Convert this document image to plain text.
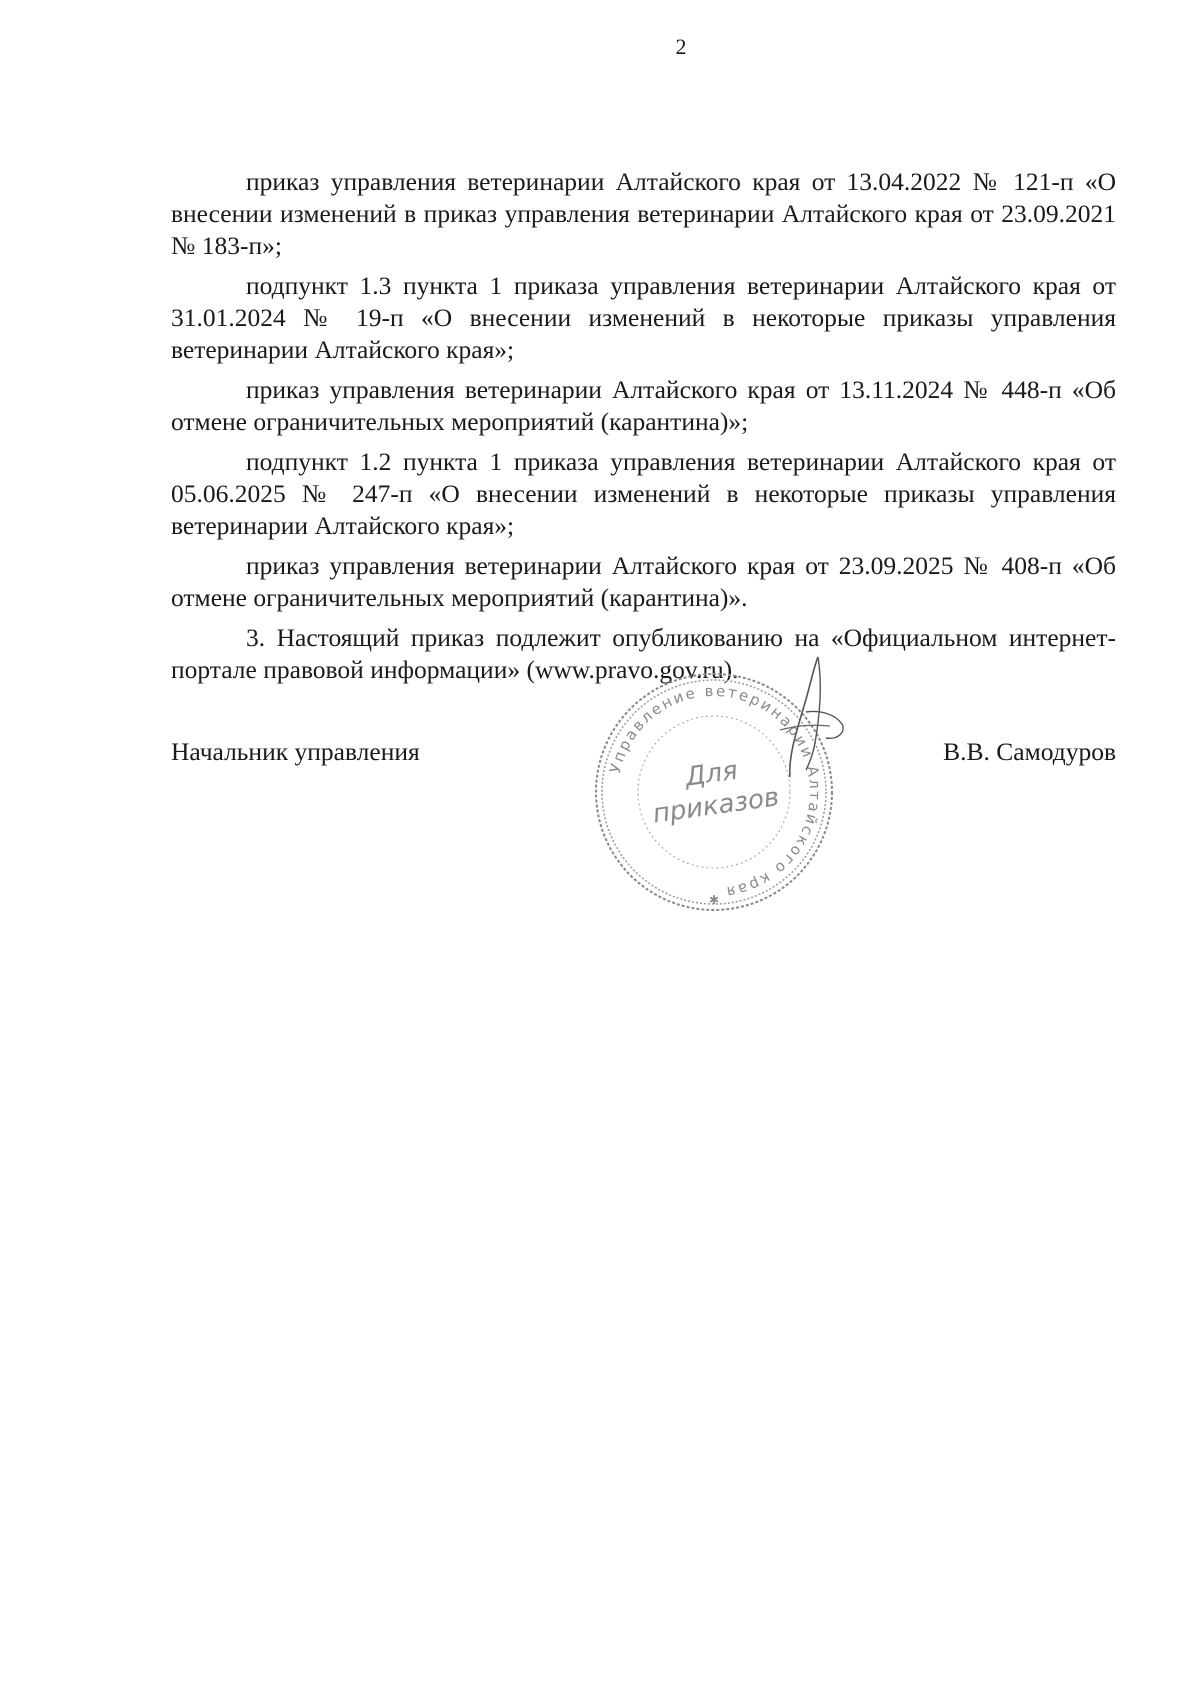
2

приказ управления ветеринарии Алтайского края от 13.04.2022 № 121-п «О внесении изменений в приказ управления ветеринарии Алтайского края от 23.09.2021 № 183-п»;

подпункт 1.3 пункта 1 приказа управления ветеринарии Алтайского края от 31.01.2024 № 19-п «О внесении изменений в некоторые приказы управления ветеринарии Алтайского края»;

приказ управления ветеринарии Алтайского края от 13.11.2024 № 448-п «Об отмене ограничительных мероприятий (карантина)»;

подпункт 1.2 пункта 1 приказа управления ветеринарии Алтайского края от 05.06.2025 № 247-п «О внесении изменений в некоторые приказы управления ветеринарии Алтайского края»;

приказ управления ветеринарии Алтайского края от 23.09.2025 № 408-п «Об отмене ограничительных мероприятий (карантина)».

3. Настоящий приказ подлежит опубликованию на «Официальном интернет-портале правовой информации» (www.pravo.gov.ru).

Начальник управления	В.В. Самодуров
Управление ветеринарии Алтайского края
Для
приказов
✱
